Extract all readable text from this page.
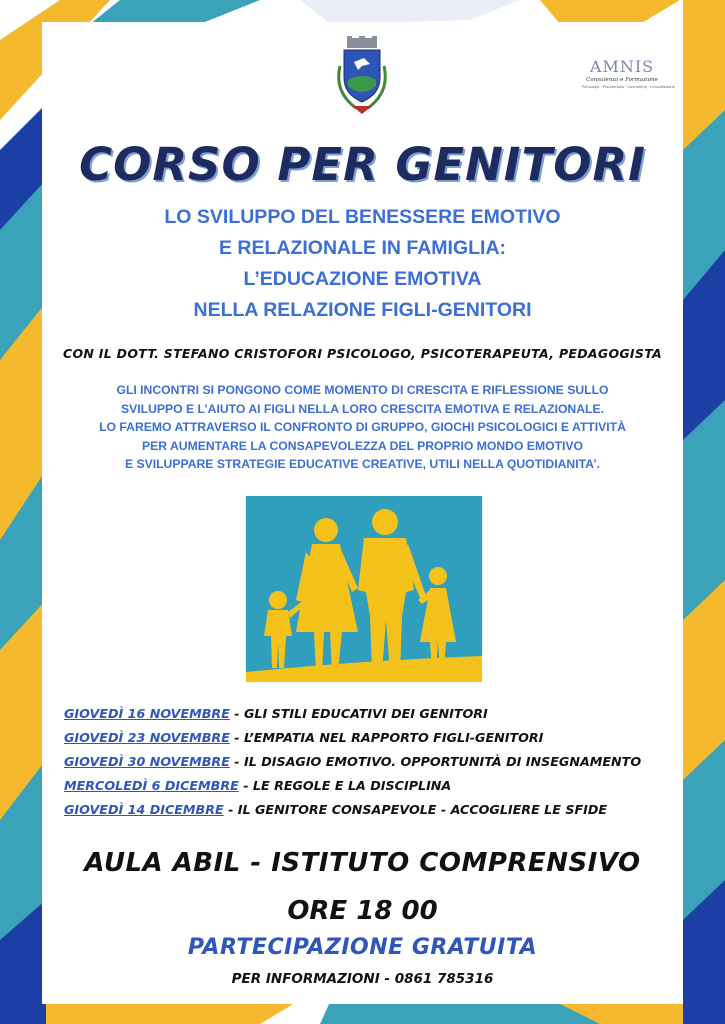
AMNIS
Consulenza e Formazione
Psicologia · Psicoterapia · Counseling · Consultazione
CORSO PER GENITORI
LO SVILUPPO DEL BENESSERE EMOTIVO
E RELAZIONALE IN FAMIGLIA:
L’EDUCAZIONE EMOTIVA
NELLA RELAZIONE FIGLI-GENITORI
CON IL DOTT. STEFANO CRISTOFORI PSICOLOGO, PSICOTERAPEUTA, PEDAGOGISTA
GLI INCONTRI SI PONGONO COME MOMENTO DI CRESCITA E RIFLESSIONE SULLO
SVILUPPO E L’AIUTO AI FIGLI NELLA LORO CRESCITA EMOTIVA E RELAZIONALE.
LO FAREMO ATTRAVERSO IL CONFRONTO DI GRUPPO, GIOCHI PSICOLOGICI E ATTIVITÀ
PER AUMENTARE LA CONSAPEVOLEZZA DEL PROPRIO MONDO EMOTIVO
E SVILUPPARE STRATEGIE EDUCATIVE CREATIVE, UTILI NELLA QUOTIDIANITA’.
GIOVEDÌ 16 NOVEMBRE - GLI STILI EDUCATIVI DEI GENITORI
GIOVEDÌ 23 NOVEMBRE - L’EMPATIA NEL RAPPORTO FIGLI-GENITORI
GIOVEDÌ 30 NOVEMBRE - IL DISAGIO EMOTIVO. OPPORTUNITÀ DI INSEGNAMENTO
MERCOLEDÌ 6 DICEMBRE - LE REGOLE E LA DISCIPLINA
GIOVEDÌ 14 DICEMBRE - IL GENITORE CONSAPEVOLE - ACCOGLIERE LE SFIDE
AULA ABIL - ISTITUTO COMPRENSIVO
ORE 18 00
PARTECIPAZIONE GRATUITA
PER INFORMAZIONI - 0861 785316
